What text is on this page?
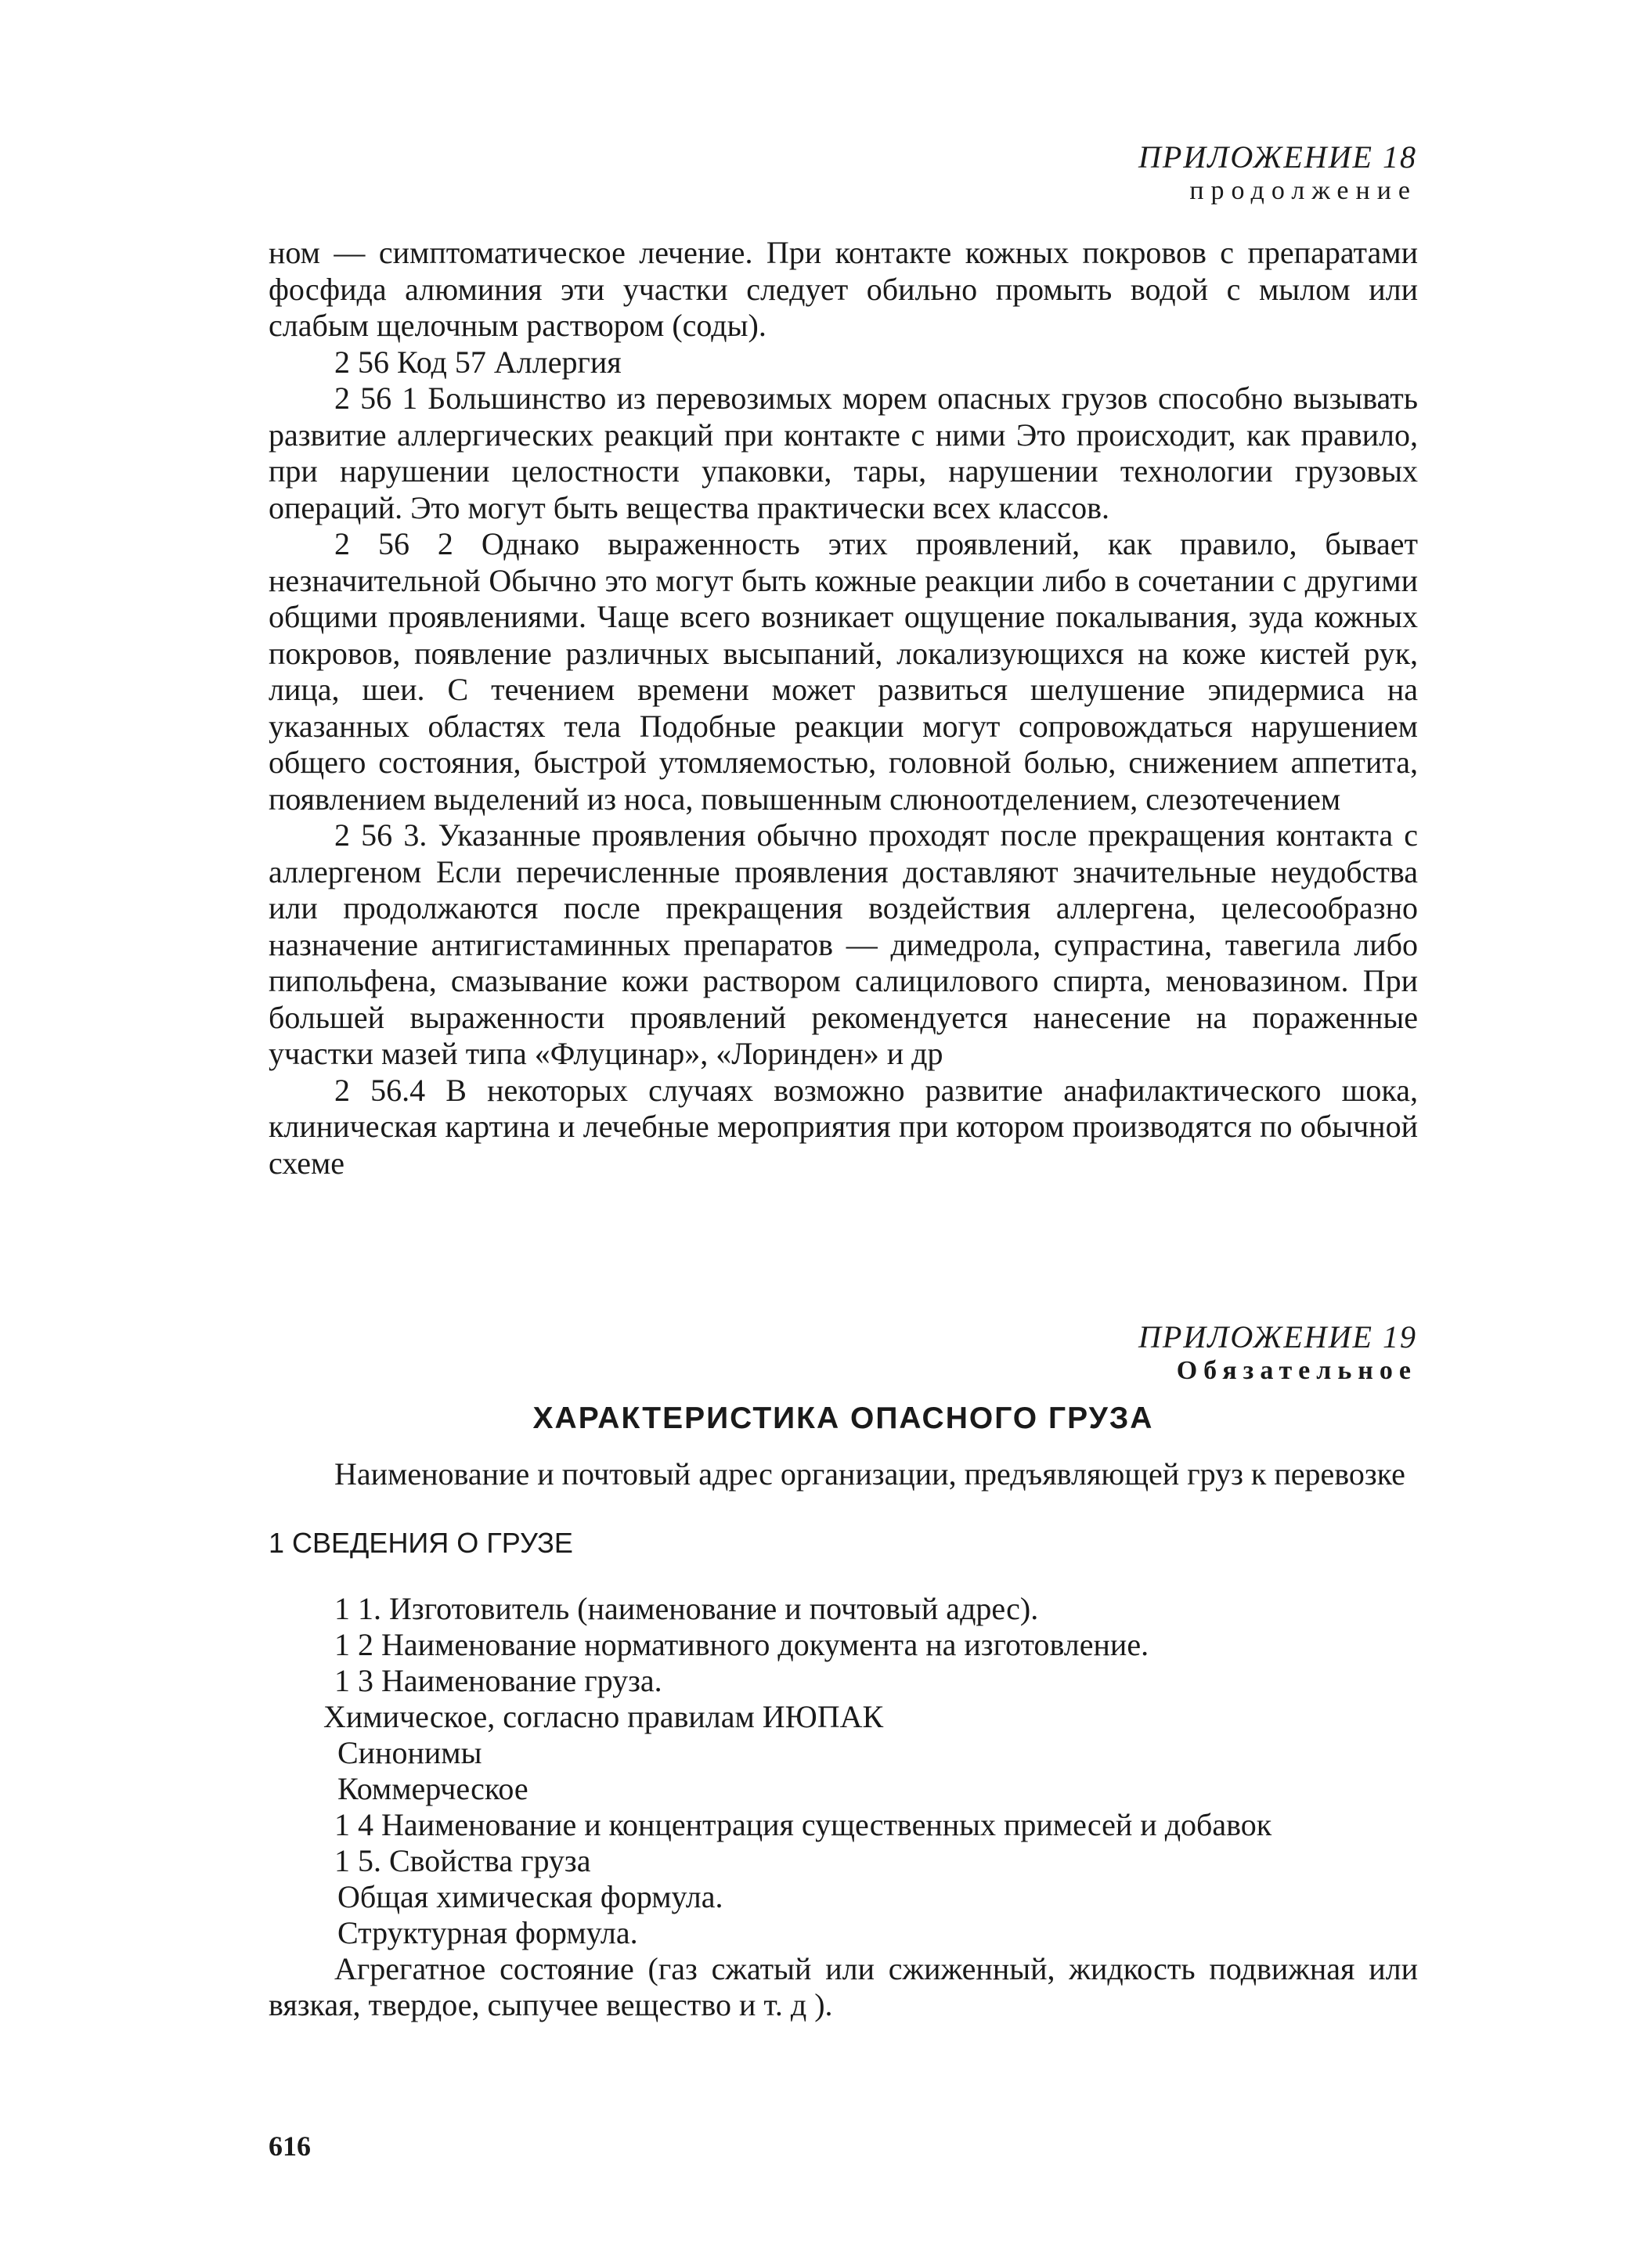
ПРИЛОЖЕНИЕ 18
продолжение

ном — симптоматическое лечение. При контакте кожных покровов с препаратами фосфида алюминия эти участки следует обильно промыть водой с мылом или слабым щелочным раствором (соды).

2 56 Код 57 Аллергия

2 56 1 Большинство из перевозимых морем опасных грузов способно вызывать развитие аллергических реакций при контакте с ними Это происходит, как правило, при нарушении целостности упаковки, тары, нарушении технологии грузовых операций. Это могут быть вещества практически всех классов.

2 56 2 Однако выраженность этих проявлений, как правило, бывает незначительной Обычно это могут быть кожные реакции либо в сочетании с другими общими проявлениями. Чаще всего возникает ощущение покалывания, зуда кожных покровов, появление различных высыпаний, локализующихся на коже кистей рук, лица, шеи. С течением времени может развиться шелушение эпидермиса на указанных областях тела Подобные реакции могут сопровождаться нарушением общего состояния, быстрой утомляемостью, головной болью, снижением аппетита, появлением выделений из носа, повышенным слюноотделением, слезотечением

2 56 3. Указанные проявления обычно проходят после прекращения контакта с аллергеном Если перечисленные проявления доставляют значительные неудобства или продолжаются после прекращения воздействия аллергена, целесообразно назначение антигистаминных препаратов — димедрола, супрастина, тавегила либо пипольфена, смазывание кожи раствором салицилового спирта, меновазином. При большей выраженности проявлений рекомендуется нанесение на пораженные участки мазей типа «Флуцинар», «Лоринден» и др

2 56.4 В некоторых случаях возможно развитие анафилактического шока, клиническая картина и лечебные мероприятия при котором производятся по обычной схеме

ПРИЛОЖЕНИЕ 19
Обязательное
ХАРАКТЕРИСТИКА ОПАСНОГО ГРУЗА

Наименование и почтовый адрес организации, предъявляющей груз к перевозке

1 СВЕДЕНИЯ О ГРУЗЕ

1 1. Изготовитель (наименование и почтовый адрес).

1 2 Наименование нормативного документа на изготовление.

1 3 Наименование груза.

Химическое, согласно правилам ИЮПАК

Синонимы

Коммерческое

1 4 Наименование и концентрация существенных примесей и добавок

1 5. Свойства груза

Общая химическая формула.

Структурная формула.

Агрегатное состояние (газ сжатый или сжиженный, жидкость подвижная или вязкая, твердое, сыпучее вещество и т. д ).

616
